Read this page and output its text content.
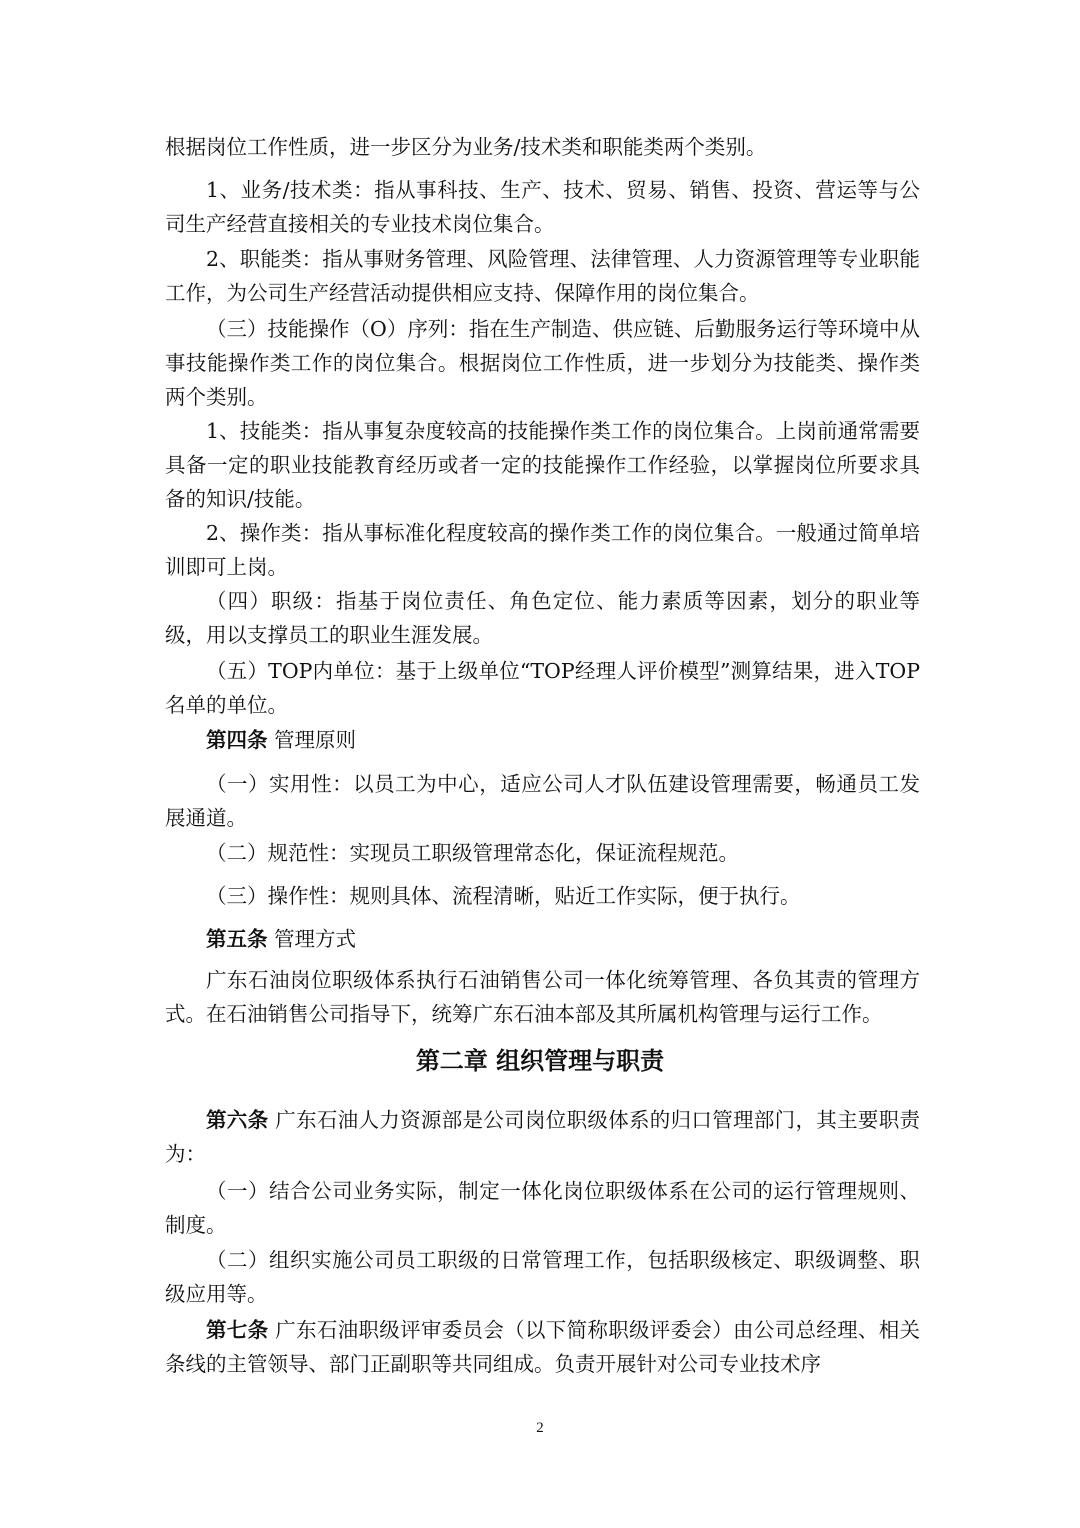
根据岗位工作性质，进一步区分为业务/技术类和职能类两个类别。

1、业务/技术类：指从事科技、生产、技术、贸易、销售、投资、营运等与公司生产经营直接相关的专业技术岗位集合。

2、职能类：指从事财务管理、风险管理、法律管理、人力资源管理等专业职能工作，为公司生产经营活动提供相应支持、保障作用的岗位集合。

（三）技能操作（O）序列：指在生产制造、供应链、后勤服务运行等环境中从事技能操作类工作的岗位集合。根据岗位工作性质，进一步划分为技能类、操作类两个类别。

1、技能类：指从事复杂度较高的技能操作类工作的岗位集合。上岗前通常需要具备一定的职业技能教育经历或者一定的技能操作工作经验，以掌握岗位所要求具备的知识/技能。

2、操作类：指从事标准化程度较高的操作类工作的岗位集合。一般通过简单培训即可上岗。

（四）职级：指基于岗位责任、角色定位、能力素质等因素，划分的职业等级，用以支撑员工的职业生涯发展。

（五）TOP内单位：基于上级单位“TOP经理人评价模型”测算结果，进入TOP名单的单位。

第四条 管理原则

（一）实用性：以员工为中心，适应公司人才队伍建设管理需要，畅通员工发展通道。

（二）规范性：实现员工职级管理常态化，保证流程规范。

（三）操作性：规则具体、流程清晰，贴近工作实际，便于执行。

第五条 管理方式

广东石油岗位职级体系执行石油销售公司一体化统筹管理、各负其责的管理方式。在石油销售公司指导下，统筹广东石油本部及其所属机构管理与运行工作。

第二章 组织管理与职责

第六条 广东石油人力资源部是公司岗位职级体系的归口管理部门，其主要职责为：

（一）结合公司业务实际，制定一体化岗位职级体系在公司的运行管理规则、制度。

（二）组织实施公司员工职级的日常管理工作，包括职级核定、职级调整、职级应用等。

第七条 广东石油职级评审委员会（以下简称职级评委会）由公司总经理、相关条线的主管领导、部门正副职等共同组成。负责开展针对公司专业技术序

2
